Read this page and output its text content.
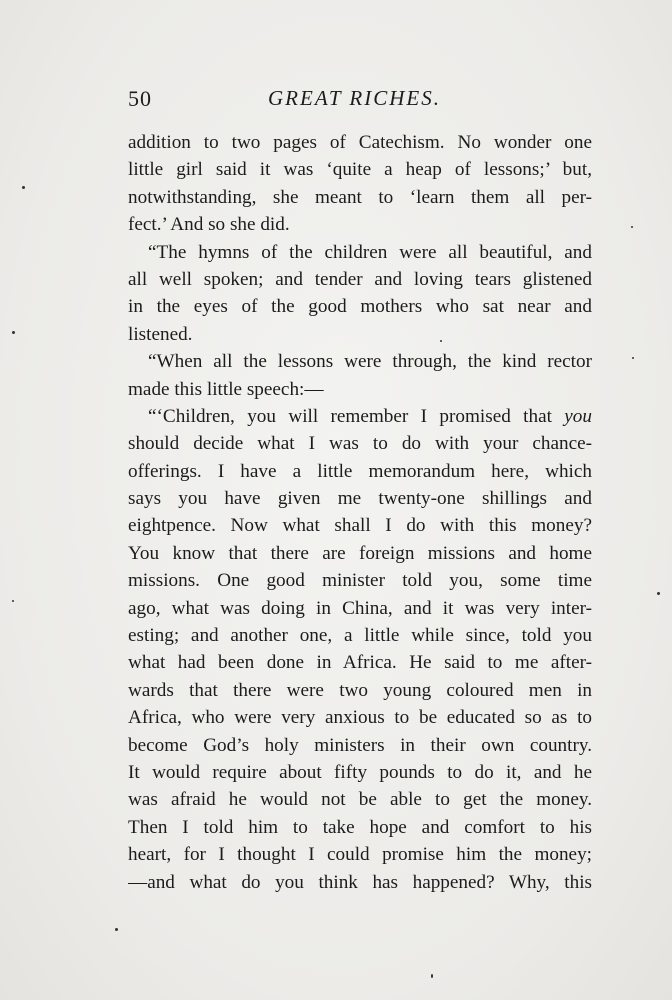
50	GREAT RICHES.
addition to two pages of Catechism. No wonder one
little girl said it was ‘quite a heap of lessons;’ but,
notwithstanding, she meant to ‘learn them all per-
fect.’ And so she did.
“The hymns of the children were all beautiful, and
all well spoken; and tender and loving tears glistened
in the eyes of the good mothers who sat near and
listened.
“When all the lessons were through, the kind rector
made this little speech:—
“‘Children, you will remember I promised that you
should decide what I was to do with your chance-
offerings. I have a little memorandum here, which
says you have given me twenty-one shillings and
eightpence. Now what shall I do with this money?
You know that there are foreign missions and home
missions. One good minister told you, some time
ago, what was doing in China, and it was very inter-
esting; and another one, a little while since, told you
what had been done in Africa. He said to me after-
wards that there were two young coloured men in
Africa, who were very anxious to be educated so as to
become God’s holy ministers in their own country.
It would require about fifty pounds to do it, and he
was afraid he would not be able to get the money.
Then I told him to take hope and comfort to his
heart, for I thought I could promise him the money;
—and what do you think has happened? Why, this
